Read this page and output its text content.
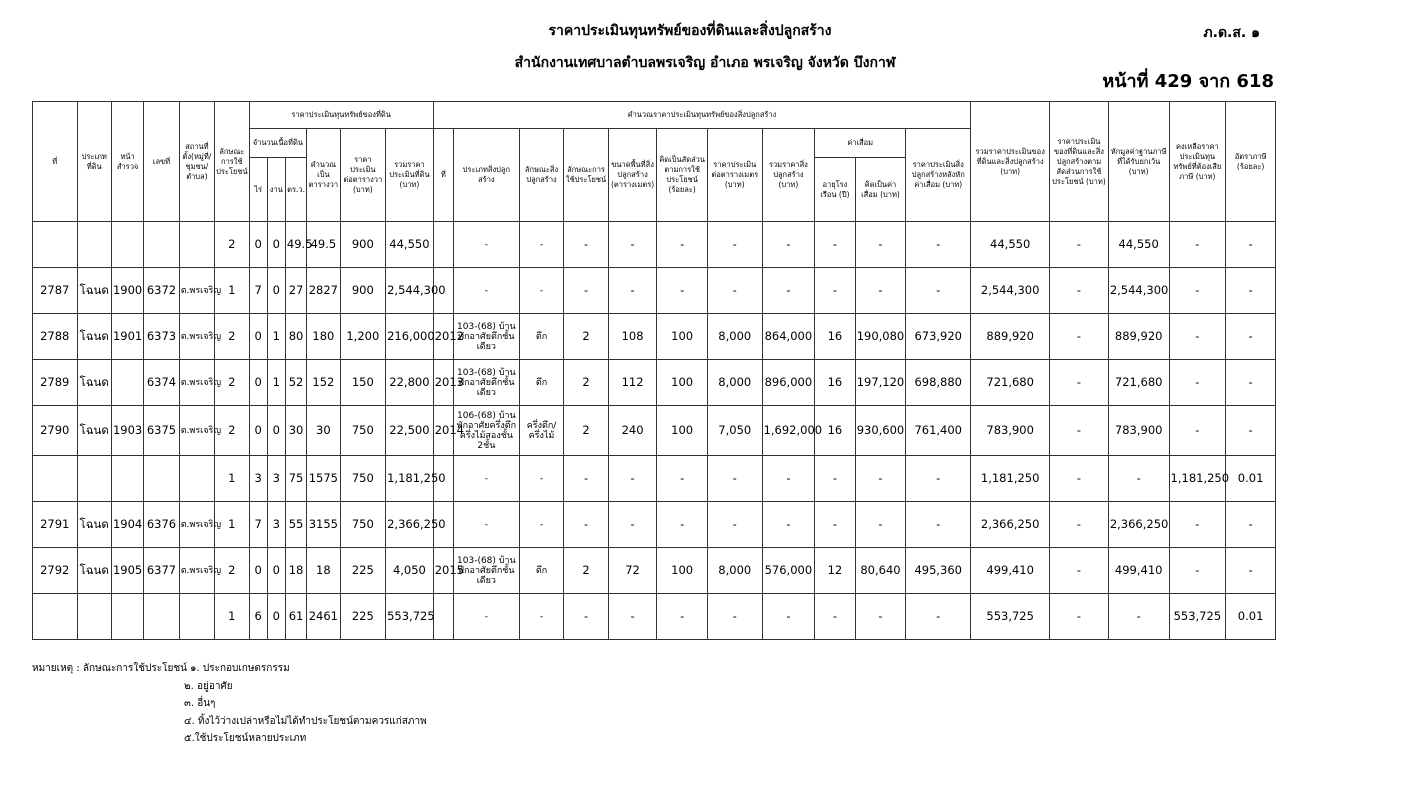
ราคาประเมินทุนทรัพย์ของที่ดินและสิ่งปลูกสร้าง
สำนักงานเทศบาลตำบลพรเจริญ อำเภอ พรเจริญ จังหวัด บึงกาฬ
ภ.ด.ส. ๑
หน้าที่ 429 จาก 618
ที่	ประเภทที่ดิน	หน้าสำรวจ	เลขที่	สถานที่ตั้ง(หมู่ที่/ชุมชน/ตำบล)	ลักษณะการใช้ประโยชน์	ราคาประเมินทุนทรัพย์ของที่ดิน						คำนวณราคาประเมินทุนทรัพย์ของสิ่งปลูกสร้าง											รวมราคาประเมินของที่ดินและสิ่งปลูกสร้าง (บาท)	ราคาประเมินของที่ดินและสิ่งปลูกสร้างตามสัดส่วนการใช้ประโยชน์ (บาท)	หักมูลค่าฐานภาษีที่ได้รับยกเว้น (บาท)	คงเหลือราคาประเมินทุนทรัพย์ที่ต้องเสียภาษี (บาท)	อัตราภาษี (ร้อยละ)
						จำนวนเนื้อที่ดิน			คำนวณเป็นตารางวา	ราคาประเมินต่อตารางวา (บาท)	รวมราคาประเมินที่ดิน (บาท)	ที่	ประเภทสิ่งปลูกสร้าง	ลักษณะสิ่งปลูกสร้าง	ลักษณะการใช้ประโยชน์	ขนาดพื้นที่สิ่งปลูกสร้าง (ตารางเมตร)	คิดเป็นสัดส่วนตามการใช้ประโยชน์ (ร้อยละ)	ราคาประเมินต่อตารางเมตร (บาท)	รวมราคาสิ่งปลูกสร้าง (บาท)	ค่าเสื่อม		ราคาประเมินสิ่งปลูกสร้างหลังหักค่าเสื่อม (บาท)					
						ไร่	งาน	ตร.ว.												อายุโรงเรือน (ปี)	คิดเป็นค่าเสื่อม (บาท)						
					2	0	0	49.5	49.5	900	44,550		-	-	-	-	-	-	-	-	-	-	44,550	-	44,550	-	-
2787	โฉนด	1900	6372	ต.พรเจริญ	1	7	0	27	2827	900	2,544,300		-	-	-	-	-	-	-	-	-	-	2,544,300	-	2,544,300	-	-
2788	โฉนด	1901	6373	ต.พรเจริญ	2	0	1	80	180	1,200	216,000	2012	103-(68) บ้านพักอาศัยตึกชั้นเดียว	ตึก	2	108	100	8,000	864,000	16	190,080	673,920	889,920	-	889,920	-	-
2789	โฉนด		6374	ต.พรเจริญ	2	0	1	52	152	150	22,800	2013	103-(68) บ้านพักอาศัยตึกชั้นเดียว	ตึก	2	112	100	8,000	896,000	16	197,120	698,880	721,680	-	721,680	-	-
2790	โฉนด	1903	6375	ต.พรเจริญ	2	0	0	30	30	750	22,500	2014	106-(68) บ้านพักอาศัยครึ่งตึกครึ่งไม้สองชั้น 2ชั้น	ครึ่งตึก/ครึ่งไม้	2	240	100	7,050	1,692,000	16	930,600	761,400	783,900	-	783,900	-	-
					1	3	3	75	1575	750	1,181,250		-	-	-	-	-	-	-	-	-	-	1,181,250	-	-	1,181,250	0.01
2791	โฉนด	1904	6376	ต.พรเจริญ	1	7	3	55	3155	750	2,366,250		-	-	-	-	-	-	-	-	-	-	2,366,250	-	2,366,250	-	-
2792	โฉนด	1905	6377	ต.พรเจริญ	2	0	0	18	18	225	4,050	2015	103-(68) บ้านพักอาศัยตึกชั้นเดียว	ตึก	2	72	100	8,000	576,000	12	80,640	495,360	499,410	-	499,410	-	-
					1	6	0	61	2461	225	553,725		-	-	-	-	-	-	-	-	-	-	553,725	-	-	553,725	0.01
หมายเหตุ : ลักษณะการใช้ประโยชน์ ๑. ประกอบเกษตรกรรม
๒. อยู่อาศัย
๓. อื่นๆ
๔. ทิ้งไว้ว่างเปล่าหรือไม่ได้ทำประโยชน์ตามควรแก่สภาพ
๕.ใช้ประโยชน์หลายประเภท
